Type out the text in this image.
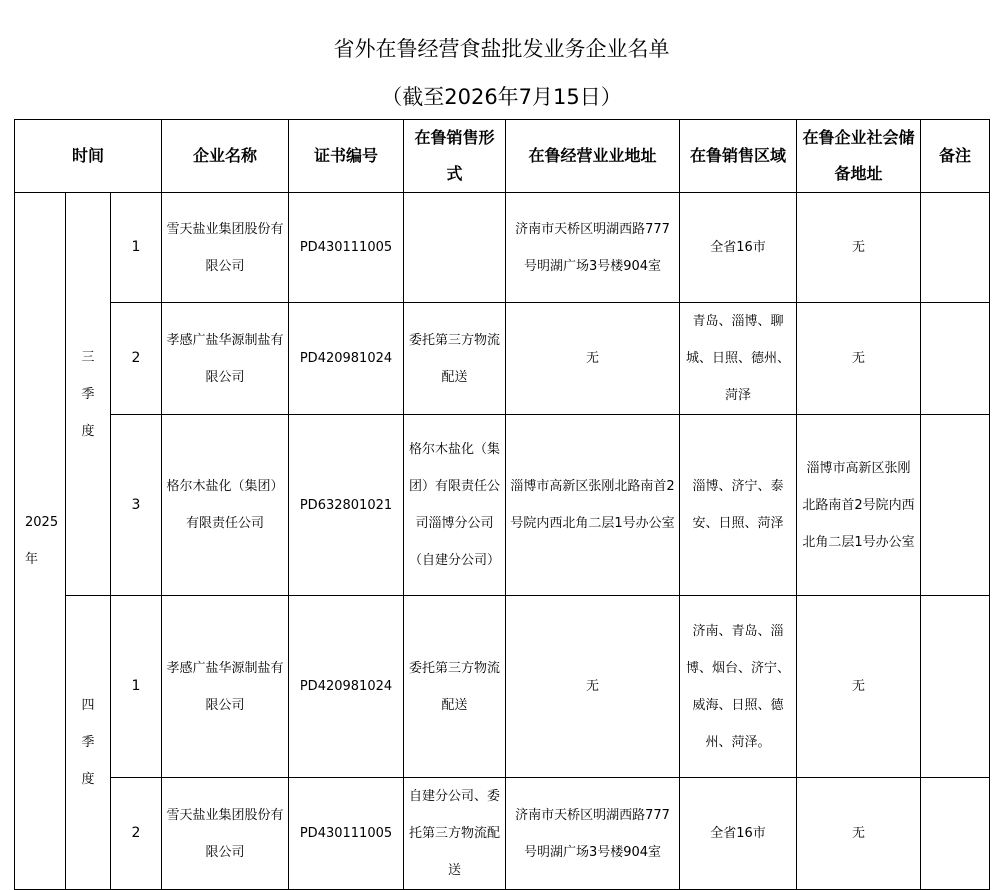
省外在鲁经营食盐批发业务企业名单
（截至2026年7月15日）
时间			企业名称	证书编号	在鲁销售形式	在鲁经营业业地址	在鲁销售区域	在鲁企业社会储备地址	备注
2025年	三季度	1	雪天盐业集团股份有限公司	PD430111005		济南市天桥区明湖西路777号明湖广场3号楼904室	全省16市	无	
		2	孝感广盐华源制盐有限公司	PD420981024	委托第三方物流配送	无	青岛、淄博、聊城、日照、德州、菏泽	无	
		3	格尔木盐化（集团）有限责任公司	PD632801021	格尔木盐化（集团）有限责任公司淄博分公司（自建分公司）	淄博市高新区张刚北路南首2号院内西北角二层1号办公室	淄博、济宁、泰安、日照、菏泽	淄博市高新区张刚北路南首2号院内西北角二层1号办公室	
	四季度	1	孝感广盐华源制盐有限公司	PD420981024	委托第三方物流配送	无	济南、青岛、淄博、烟台、济宁、威海、日照、德州、菏泽。	无	
		2	雪天盐业集团股份有限公司	PD430111005	自建分公司、委托第三方物流配送	济南市天桥区明湖西路777号明湖广场3号楼904室	全省16市	无	
